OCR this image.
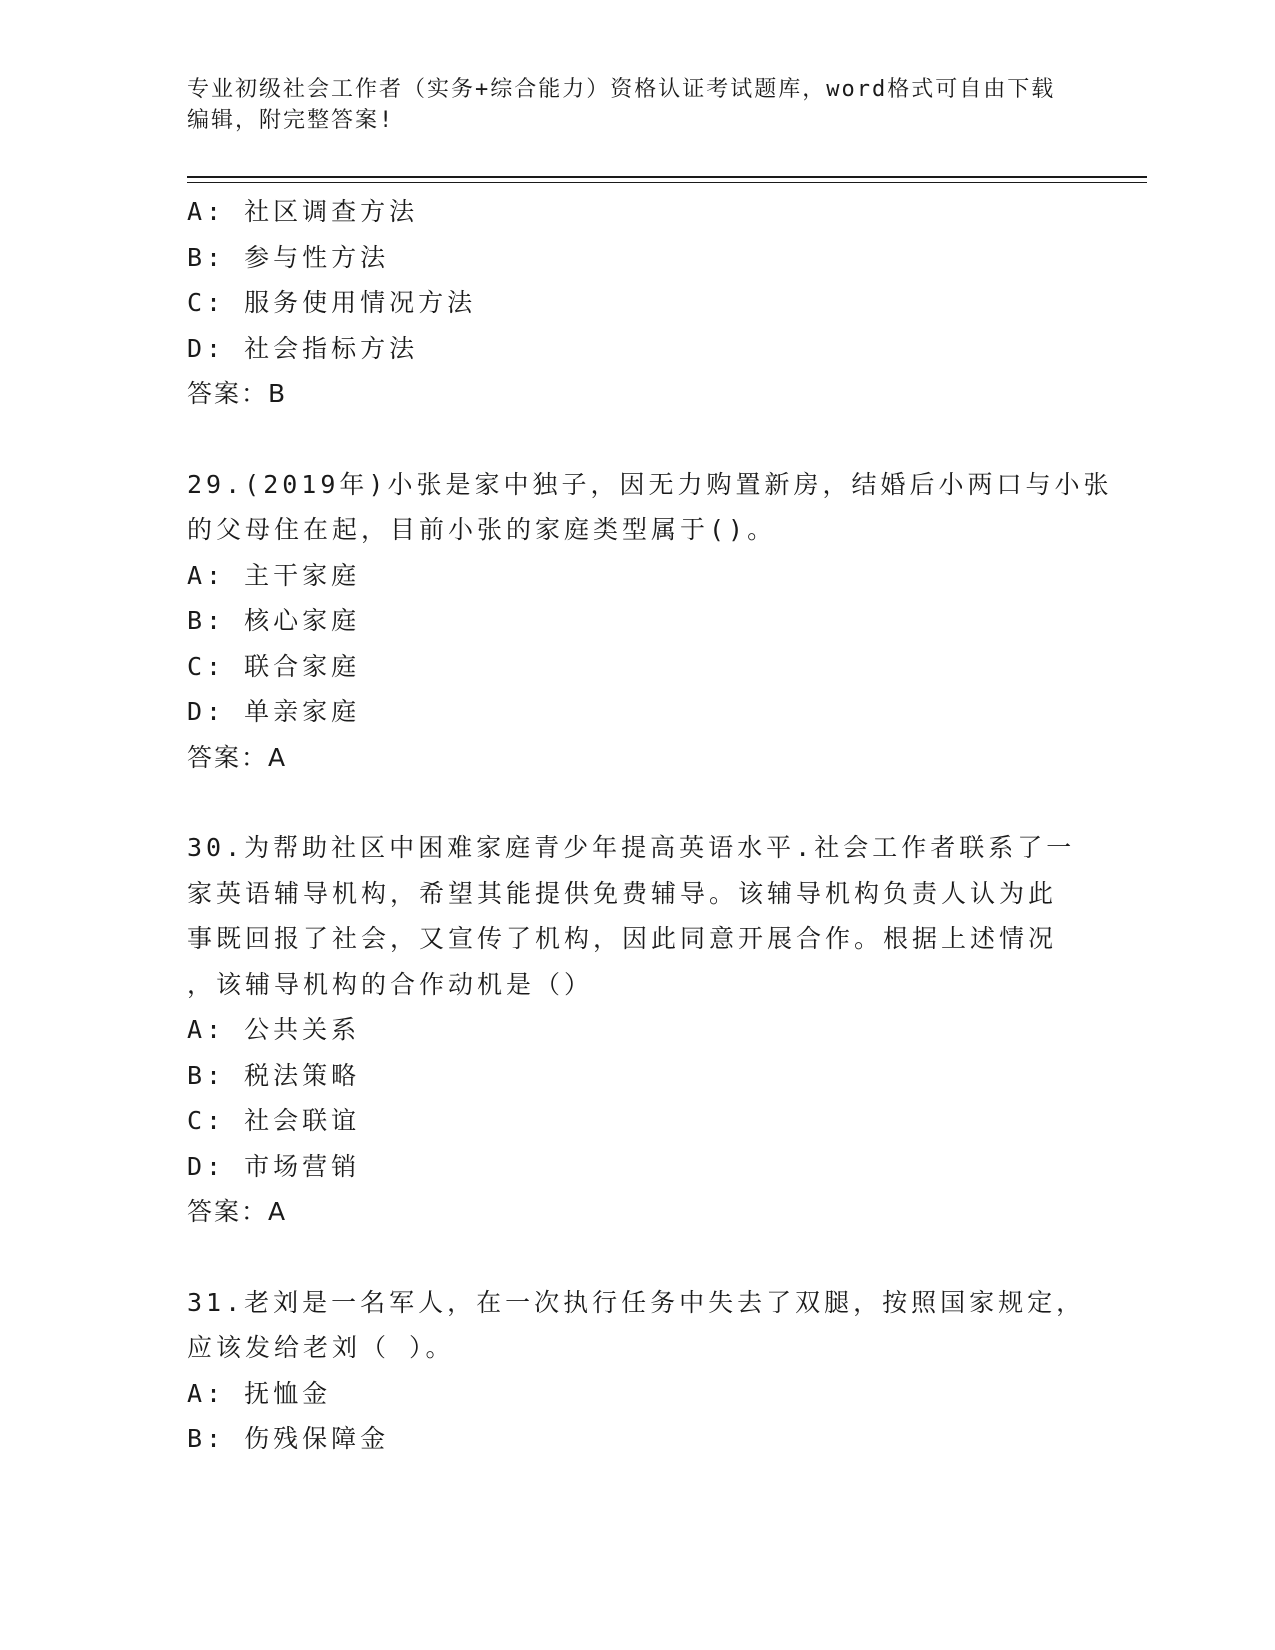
专业初级社会工作者（实务+综合能力）资格认证考试题库，word格式可自由下载
编辑，附完整答案!
A: 社区调查方法
B: 参与性方法
C: 服务使用情况方法
D: 社会指标方法
答案：B
29.(2019年)小张是家中独子，因无力购置新房，结婚后小两口与小张
的父母住在起，目前小张的家庭类型属于()。
A: 主干家庭
B: 核心家庭
C: 联合家庭
D: 单亲家庭
答案：A
30.为帮助社区中困难家庭青少年提高英语水平.社会工作者联系了一
家英语辅导机构，希望其能提供免费辅导。该辅导机构负责人认为此
事既回报了社会，又宣传了机构，因此同意开展合作。根据上述情况
，该辅导机构的合作动机是（）
A: 公共关系
B: 税法策略
C: 社会联谊
D: 市场营销
答案：A
31.老刘是一名军人，在一次执行任务中失去了双腿，按照国家规定，
应该发给老刘（ ）。
A: 抚恤金
B: 伤残保障金
